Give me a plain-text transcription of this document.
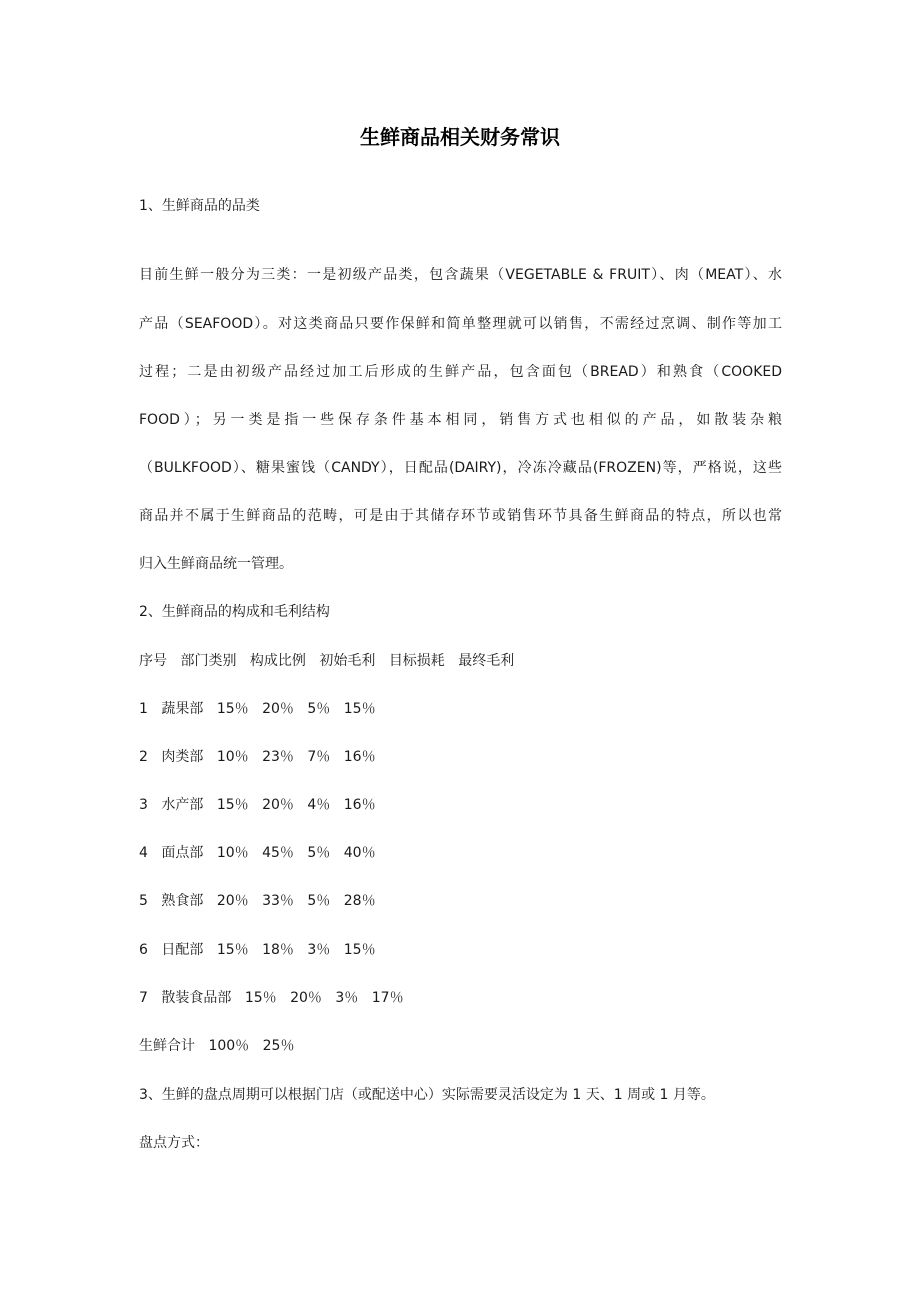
生鲜商品相关财务常识
1、生鲜商品的品类
目前生鲜一般分为三类：一是初级产品类，包含蔬果（VEGETABLE & FRUIT）、肉（MEAT）、水
产品（SEAFOOD）。对这类商品只要作保鲜和简单整理就可以销售，不需经过烹调、制作等加工
过程；二是由初级产品经过加工后形成的生鲜产品，包含面包（BREAD）和熟食（COOKED
FOOD）；另一类是指一些保存条件基本相同，销售方式也相似的产品，如散装杂粮
（BULKFOOD）、糖果蜜饯（CANDY），日配品(DAIRY)，冷冻冷藏品(FROZEN)等，严格说，这些
商品并不属于生鲜商品的范畴，可是由于其储存环节或销售环节具备生鲜商品的特点，所以也常
归入生鲜商品统一管理。
2、生鲜商品的构成和毛利结构
序号 部门类别 构成比例 初始毛利 目标损耗 最终毛利
1 蔬果部 15％ 20％ 5％ 15％
2 肉类部 10％ 23％ 7％ 16％
3 水产部 15％ 20％ 4％ 16％
4 面点部 10％ 45％ 5％ 40％
5 熟食部 20％ 33％ 5％ 28％
6 日配部 15％ 18％ 3％ 15％
7 散装食品部 15％ 20％ 3％ 17％
生鲜合计 100％ 25％
3、生鲜的盘点周期可以根据门店（或配送中心）实际需要灵活设定为 1 天、1 周或 1 月等。
盘点方式：
